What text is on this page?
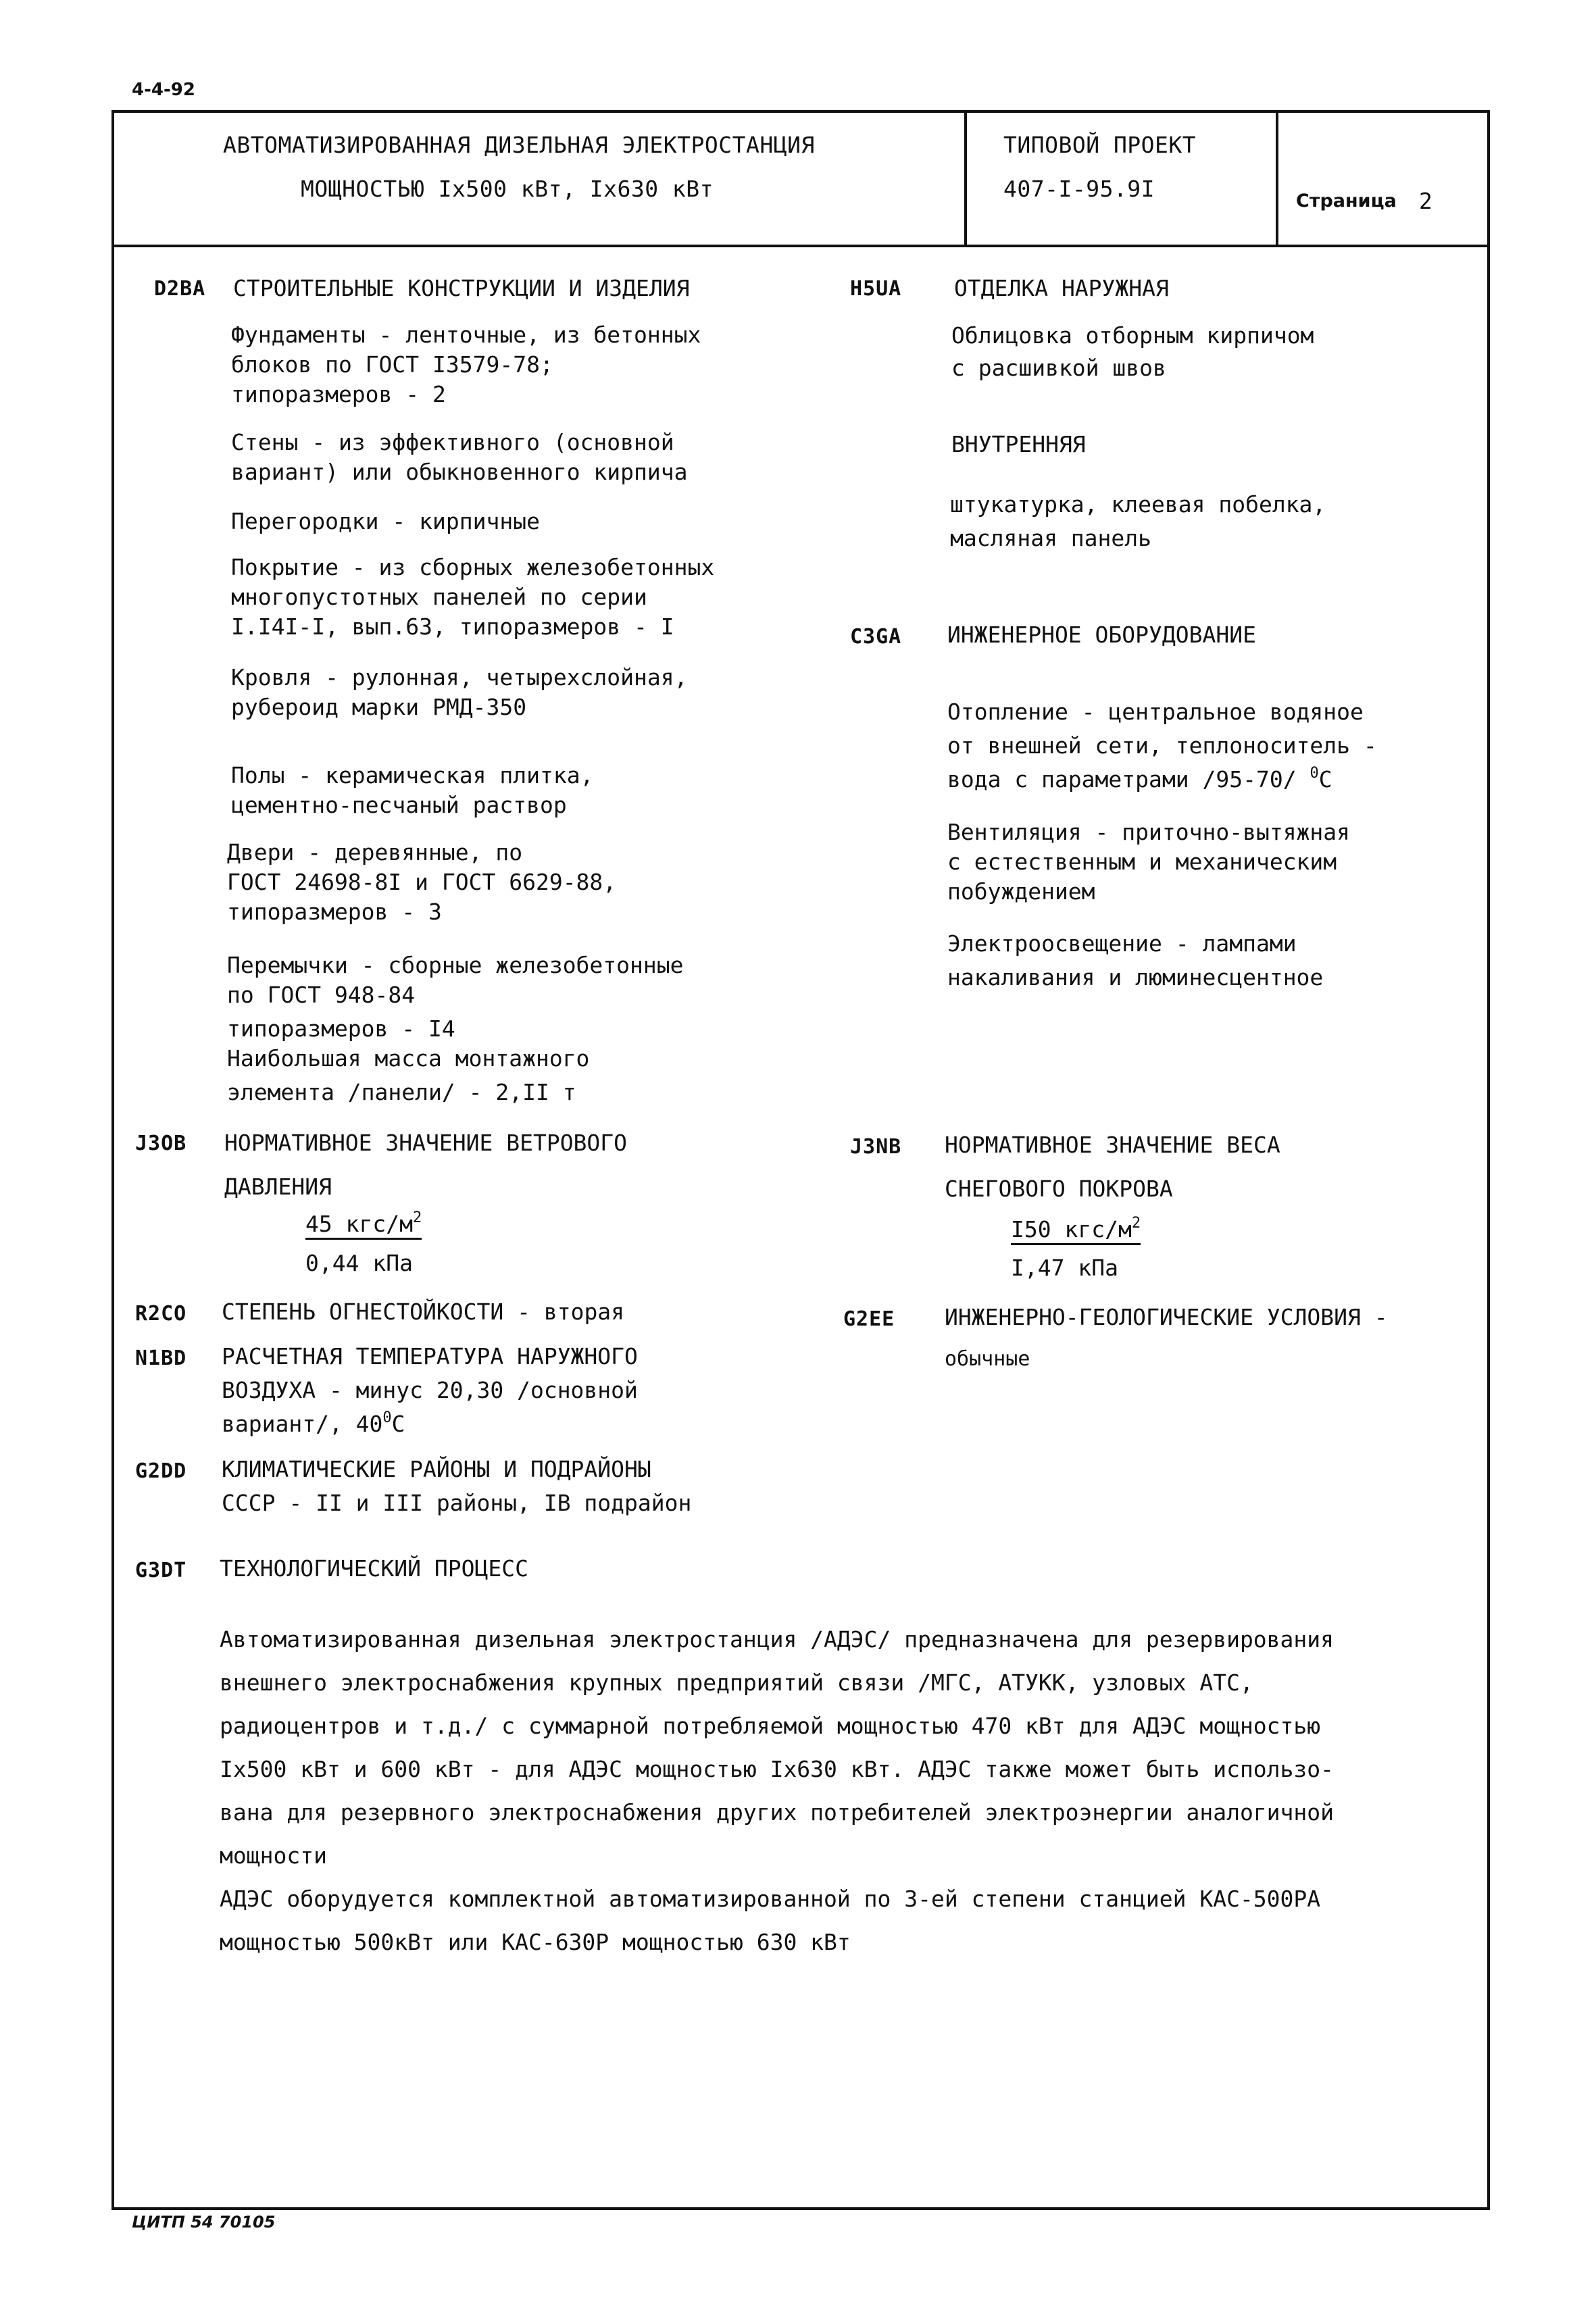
4-4-92
АВТОМАТИЗИРОВАННАЯ ДИЗЕЛЬНАЯ ЭЛЕКТРОСТАНЦИЯ
МОЩНОСТЬЮ Iх500 кВт, Iх630 кВт
ТИПОВОЙ ПРОЕКТ
407-I-95.9I	Страница 2
D2BA СТРОИТЕЛЬНЫЕ КОНСТРУКЦИИ И ИЗДЕЛИЯ
Фундаменты - ленточные, из бетонных
блоков по ГОСТ I3579-78;
типоразмеров - 2
Стены - из эффективного (основной
вариант) или обыкновенного кирпича
Перегородки - кирпичные
Покрытие - из сборных железобетонных
многопустотных панелей по серии
I.I4I-I, вып.63, типоразмеров - I
Кровля - рулонная, четырехслойная,
рубероид марки РМД-350
Полы - керамическая плитка,
цементно-песчаный раствор
Двери - деревянные, по
ГОСТ 24698-8I и ГОСТ 6629-88,
типоразмеров - 3
Перемычки - сборные железобетонные
по ГОСТ 948-84
типоразмеров - I4
Наибольшая масса монтажного
элемента /панели/ - 2,II т
J3OB НОРМАТИВНОЕ ЗНАЧЕНИЕ ВЕТРОВОГО
ДАВЛЕНИЯ
45 кгс/$м^2$
0,44 кПа
R2CO СТЕПЕНЬ ОГНЕСТОЙКОСТИ - вторая
N1BD РАСЧЕТНАЯ ТЕМПЕРАТУРА НАРУЖНОГО
ВОЗДУХА - минус 20,30 /основной
вариант/, $40^0С$
G2DD КЛИМАТИЧЕСКИЕ РАЙОНЫ И ПОДРАЙОНЫ
СССР - II и III районы, IВ подрайон
H5UA ОТДЕЛКА НАРУЖНАЯ
Облицовка отборным кирпичом
с расшивкой швов
ВНУТРЕННЯЯ
штукатурка, клеевая побелка,
масляная панель
C3GA ИНЖЕНЕРНОЕ ОБОРУДОВАНИЕ
Отопление - центральное водяное
от внешней сети, теплоноситель -
вода с параметрами /95-70/ $^0$С
Вентиляция - приточно-вытяжная
с естественным и механическим
побуждением
Электроосвещение - лампами
накаливания и люминесцентное
J3NB НОРМАТИВНОЕ ЗНАЧЕНИЕ ВЕСА
СНЕГОВОГО ПОКРОВА
I50 кгс/$м^2$
I,47 кПа
G2EE ИНЖЕНЕРНО-ГЕОЛОГИЧЕСКИЕ УСЛОВИЯ -
обычные
G3DT ТЕХНОЛОГИЧЕСКИЙ ПРОЦЕСС
Автоматизированная дизельная электростанция /АДЭС/ предназначена для резервирования
внешнего электроснабжения крупных предприятий связи /МГС, АТУКК, узловых АТС,
радиоцентров и т.д./ с суммарной потребляемой мощностью 470 кВт для АДЭС мощностью
Iх500 кВт и 600 кВт - для АДЭС мощностью Iх630 кВт. АДЭС также может быть использо-
вана для резервного электроснабжения других потребителей электроэнергии аналогичной
мощности
АДЭС оборудуется комплектной автоматизированной по 3-ей степени станцией КАС-500РА
мощностью 500кВт или КАС-630Р мощностью 630 кВт
ЦИТП 54 70105
